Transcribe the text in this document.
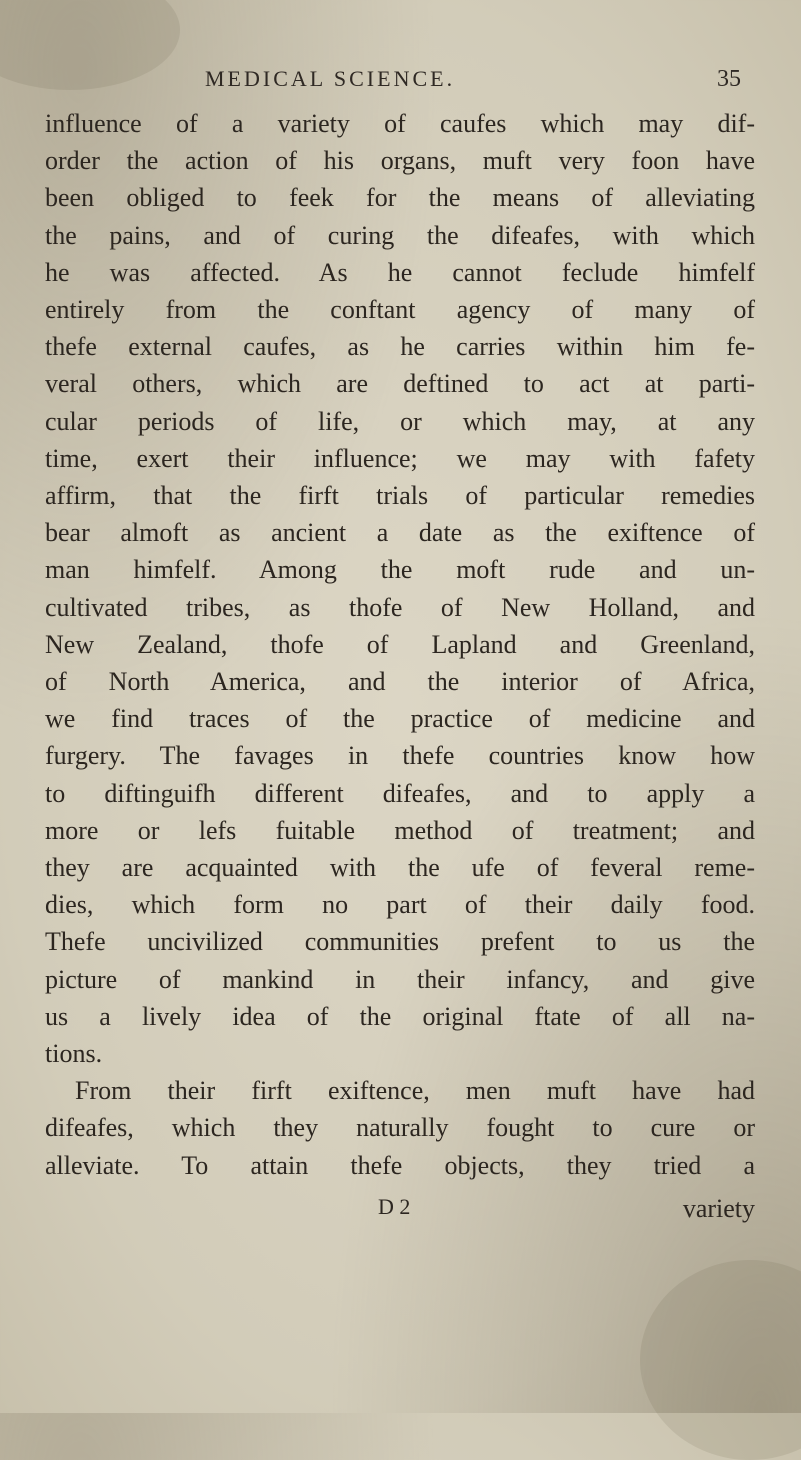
MEDICAL SCIENCE.	35
influence of a variety of caufes which may dif-
order the action of his organs, muft very foon have
been obliged to feek for the means of alleviating
the pains, and of curing the difeafes, with which
he was affected. As he cannot feclude himfelf
entirely from the conftant agency of many of
thefe external caufes, as he carries within him fe-
veral others, which are deftined to act at parti-
cular periods of life, or which may, at any
time, exert their influence; we may with fafety
affirm, that the firft trials of particular remedies
bear almoft as ancient a date as the exiftence of
man himfelf. Among the moft rude and un-
cultivated tribes, as thofe of New Holland, and
New Zealand, thofe of Lapland and Greenland,
of North America, and the interior of Africa,
we find traces of the practice of medicine and
furgery. The favages in thefe countries know how
to diftinguifh different difeafes, and to apply a
more or lefs fuitable method of treatment; and
they are acquainted with the ufe of feveral reme-
dies, which form no part of their daily food.
Thefe uncivilized communities prefent to us the
picture of mankind in their infancy, and give
us a lively idea of the original ftate of all na-
tions.
From their firft exiftence, men muft have had
difeafes, which they naturally fought to cure or
alleviate. To attain thefe objects, they tried a
D 2	variety
